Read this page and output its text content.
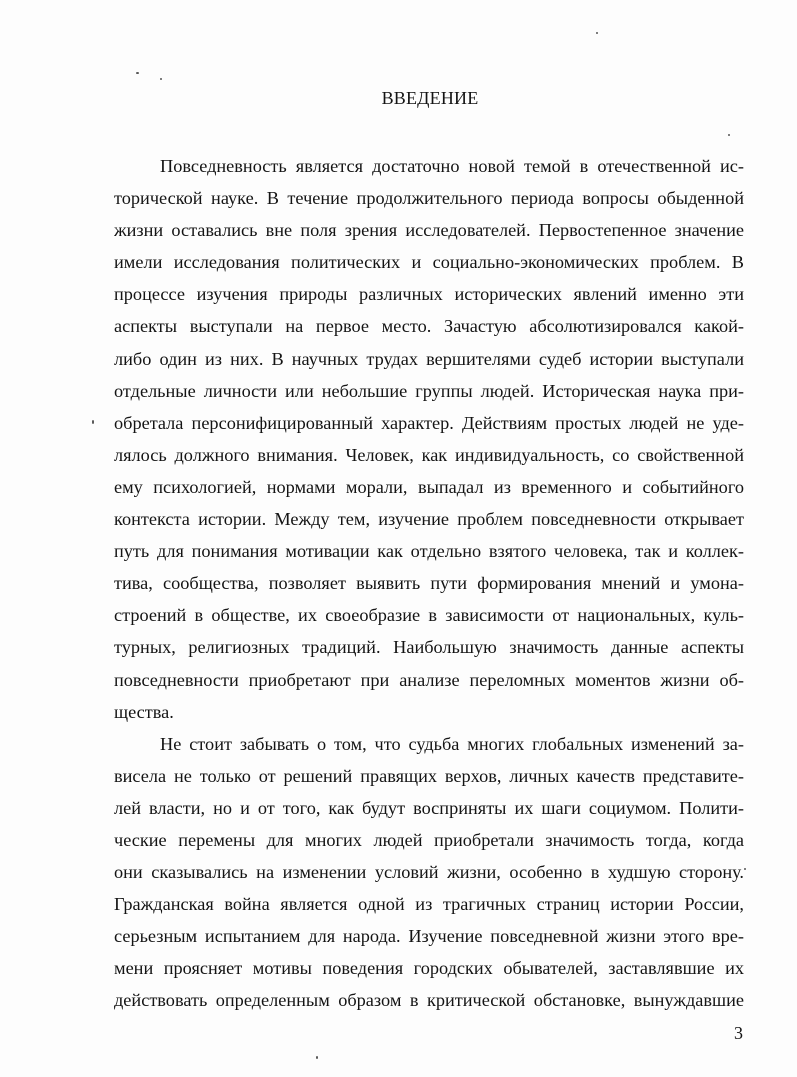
ВВЕДЕНИЕ
Повседневность является достаточно новой темой в отечественной ис-
торической науке. В течение продолжительного периода вопросы обыденной
жизни оставались вне поля зрения исследователей. Первостепенное значение
имели исследования политических и социально-экономических проблем. В
процессе изучения природы различных исторических явлений именно эти
аспекты выступали на первое место. Зачастую абсолютизировался какой-
либо один из них. В научных трудах вершителями судеб истории выступали
отдельные личности или небольшие группы людей. Историческая наука при-
обретала персонифицированный характер. Действиям простых людей не уде-
лялось должного внимания. Человек, как индивидуальность, со свойственной
ему психологией, нормами морали, выпадал из временного и событийного
контекста истории. Между тем, изучение проблем повседневности открывает
путь для понимания мотивации как отдельно взятого человека, так и коллек-
тива, сообщества, позволяет выявить пути формирования мнений и умона-
строений в обществе, их своеобразие в зависимости от национальных, куль-
турных, религиозных традиций. Наибольшую значимость данные аспекты
повседневности приобретают при анализе переломных моментов жизни об-
щества.
Не стоит забывать о том, что судьба многих глобальных изменений за-
висела не только от решений правящих верхов, личных качеств представите-
лей власти, но и от того, как будут восприняты их шаги социумом. Полити-
ческие перемены для многих людей приобретали значимость тогда, когда
они сказывались на изменении условий жизни, особенно в худшую сторону.
Гражданская война является одной из трагичных страниц истории России,
серьезным испытанием для народа. Изучение повседневной жизни этого вре-
мени проясняет мотивы поведения городских обывателей, заставлявшие их
действовать определенным образом в критической обстановке, вынуждавшие
3
